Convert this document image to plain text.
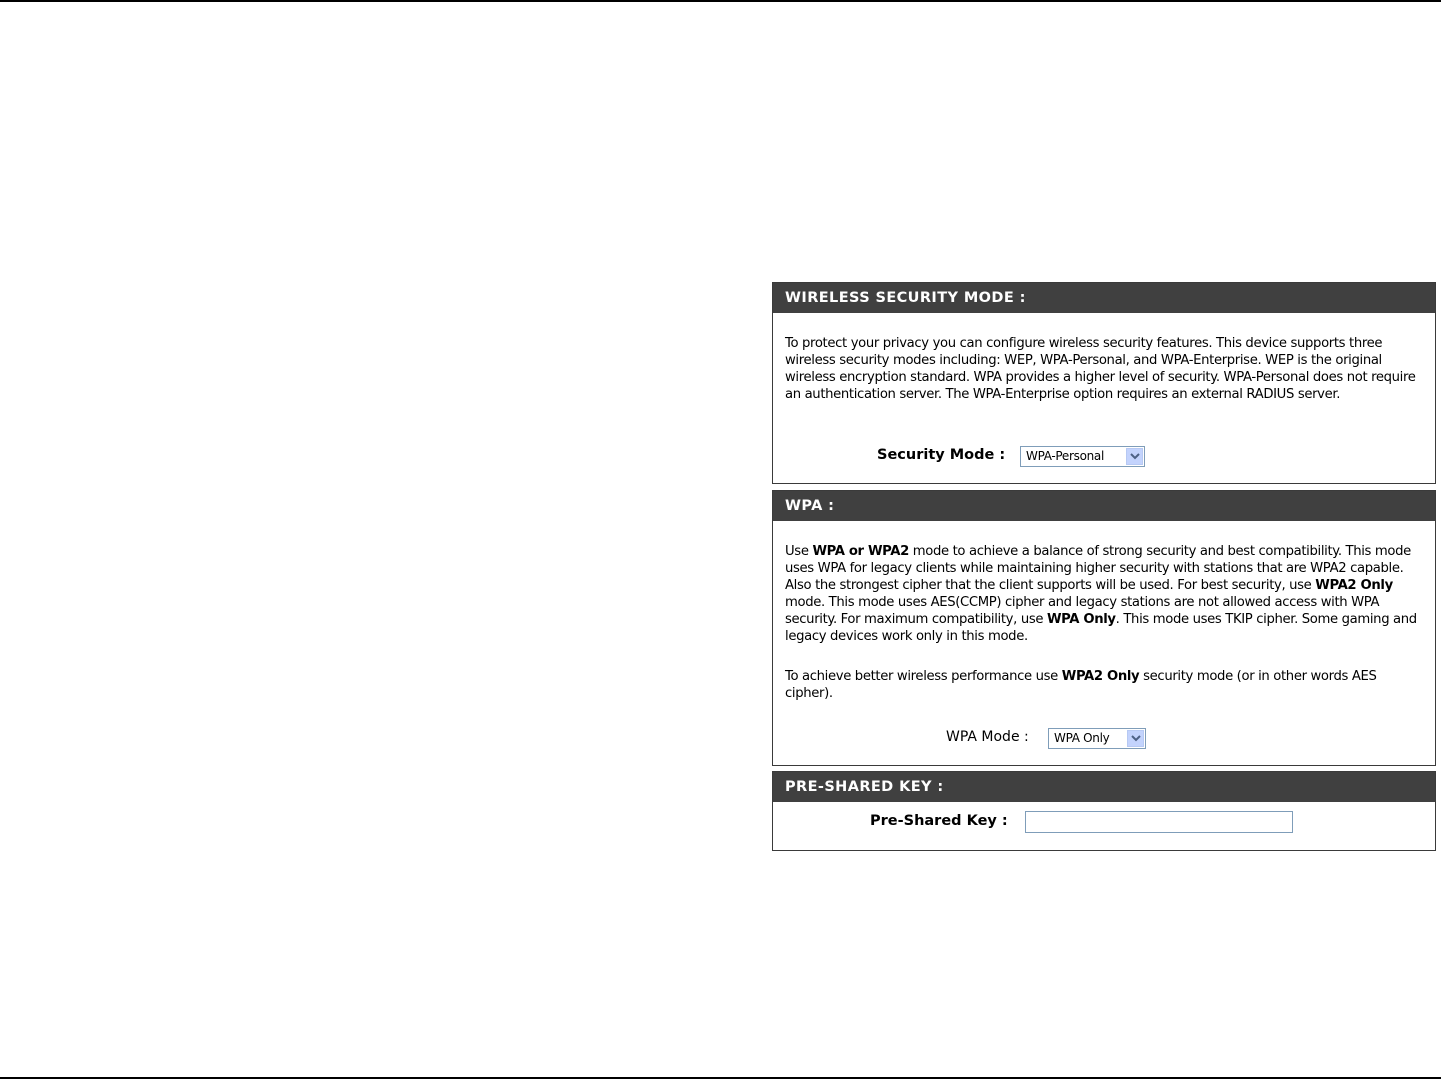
WIRELESS SECURITY MODE :

To protect your privacy you can configure wireless security features. This device supports three wireless security modes including: WEP, WPA-Personal, and WPA-Enterprise. WEP is the original wireless encryption standard. WPA provides a higher level of security. WPA-Personal does not require an authentication server. The WPA-Enterprise option requires an external RADIUS server.

Security Mode :	WPA-Personal
WPA :

Use WPA or WPA2 mode to achieve a balance of strong security and best compatibility. This mode uses WPA for legacy clients while maintaining higher security with stations that are WPA2 capable. Also the strongest cipher that the client supports will be used. For best security, use WPA2 Only mode. This mode uses AES(CCMP) cipher and legacy stations are not allowed access with WPA security. For maximum compatibility, use WPA Only. This mode uses TKIP cipher. Some gaming and legacy devices work only in this mode.

To achieve better wireless performance use WPA2 Only security mode (or in other words AES cipher).

WPA Mode :	WPA Only
PRE-SHARED KEY :
Pre-Shared Key :
